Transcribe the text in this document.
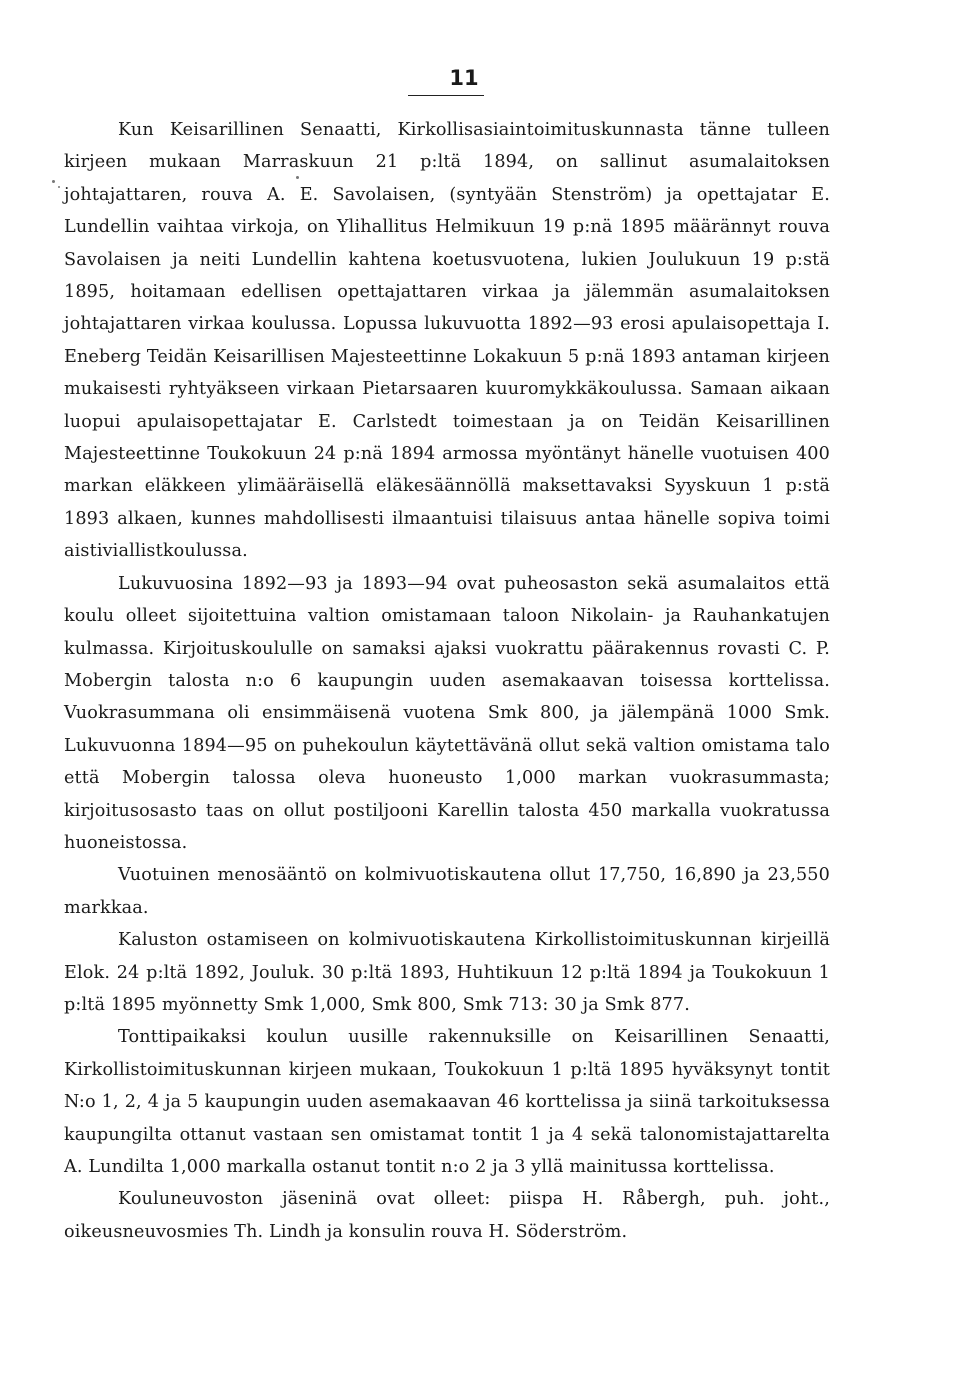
11

Kun Keisarillinen Senaatti, Kirkollisasiaintoimituskunnasta tänne tulleen kirjeen mukaan Marraskuun 21 p:ltä 1894, on sallinut asumalaitoksen johtajattaren, rouva A. E. Savolaisen, (syntyään Stenström) ja opettajatar E. Lundellin vaihtaa virkoja, on Ylihallitus Helmikuun 19 p:nä 1895 määrännyt rouva Savolaisen ja neiti Lundellin kahtena koetusvuotena, lukien Joulukuun 19 p:stä 1895, hoitamaan edellisen opettajattaren virkaa ja jälemmän asumalaitoksen johtajattaren virkaa koulussa. Lopussa lukuvuotta 1892—93 erosi apulaisopettaja I. Eneberg Teidän Keisarillisen Majesteettinne Lokakuun 5 p:nä 1893 antaman kirjeen mukaisesti ryhtyäkseen virkaan Pietarsaaren kuuromykkäkoulussa. Samaan aikaan luopui apulaisopettajatar E. Carlstedt toimestaan ja on Teidän Keisarillinen Majesteettinne Toukokuun 24 p:nä 1894 armossa myöntänyt hänelle vuotuisen 400 markan eläkkeen ylimääräisellä eläkesäännöllä maksettavaksi Syyskuun 1 p:stä 1893 alkaen, kunnes mahdollisesti ilmaantuisi tilaisuus antaa hänelle sopiva toimi aistiviallistkoulussa.

Lukuvuosina 1892—93 ja 1893—94 ovat puheosaston sekä asumalaitos että koulu olleet sijoitettuina valtion omistamaan taloon Nikolain- ja Rauhankatujen kulmassa. Kirjoituskoululle on samaksi ajaksi vuokrattu päärakennus rovasti C. P. Mobergin talosta n:o 6 kaupungin uuden asemakaavan toisessa korttelissa. Vuokrasummana oli ensimmäisenä vuotena Smk 800, ja jälempänä 1000 Smk. Lukuvuonna 1894—95 on puhekoulun käytettävänä ollut sekä valtion omistama talo että Mobergin talossa oleva huoneusto 1,000 markan vuokrasummasta; kirjoitusosasto taas on ollut postiljooni Karellin talosta 450 markalla vuokratussa huoneistossa.

Vuotuinen menosääntö on kolmivuotiskautena ollut 17,750, 16,890 ja 23,550 markkaa.

Kaluston ostamiseen on kolmivuotiskautena Kirkollistoimituskunnan kirjeillä Elok. 24 p:ltä 1892, Jouluk. 30 p:ltä 1893, Huhtikuun 12 p:ltä 1894 ja Toukokuun 1 p:ltä 1895 myönnetty Smk 1,000, Smk 800, Smk 713: 30 ja Smk 877.

Tonttipaikaksi koulun uusille rakennuksille on Keisarillinen Senaatti, Kirkollistoimituskunnan kirjeen mukaan, Toukokuun 1 p:ltä 1895 hyväksynyt tontit N:o 1, 2, 4 ja 5 kaupungin uuden asemakaavan 46 korttelissa ja siinä tarkoituksessa kaupungilta ottanut vastaan sen omistamat tontit 1 ja 4 sekä talonomistajattarelta A. Lundilta 1,000 markalla ostanut tontit n:o 2 ja 3 yllä mainitussa korttelissa.

Kouluneuvoston jäseninä ovat olleet: piispa H. Råbergh, puh. joht., oikeusneuvosmies Th. Lindh ja konsulin rouva H. Söderström.
